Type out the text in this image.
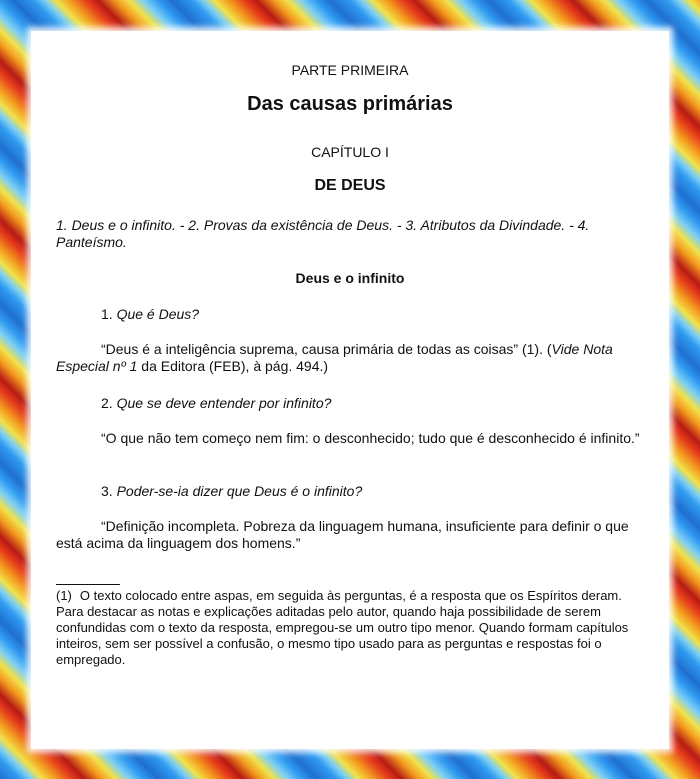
PARTE PRIMEIRA

Das causas primárias

CAPÍTULO I

DE DEUS

1. Deus e o infinito. - 2. Provas da existência de Deus. - 3. Atributos da Divindade. - 4. Panteísmo.

Deus e o infinito

1. Que é Deus?

“Deus é a inteligência suprema, causa primária de todas as coisas” (1). (Vide Nota Especial nº 1 da Editora (FEB), à pág. 494.)

2. Que se deve entender por infinito?

“O que não tem começo nem fim: o desconhecido; tudo que é desconhecido é infinito.”

3. Poder-se-ia dizer que Deus é o infinito?

“Definição incompleta. Pobreza da linguagem humana, insuficiente para definir o que está acima da linguagem dos homens.”

(1) O texto colocado entre aspas, em seguida às perguntas, é a resposta que os Espíritos deram. Para destacar as notas e explicações aditadas pelo autor, quando haja possibilidade de serem confundidas com o texto da resposta, empregou-se um outro tipo menor. Quando formam capítulos inteiros, sem ser possível a confusão, o mesmo tipo usado para as perguntas e respostas foi o empregado.
